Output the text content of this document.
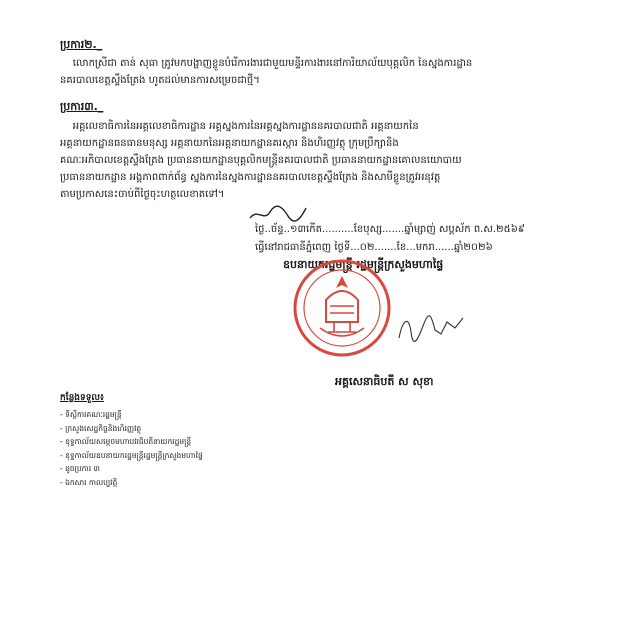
ប្រការ២._
លោកស្រីជា តាន់ សុធា ត្រូវមកបង្ហាញខ្លួនបំរើការងារជាមួយមន្ទីរការងារនៅការិយាល័យបុគ្គលិក នៃស្នងការដ្ឋាន
នគរបាលខេត្តស្ទឹងត្រែង ហូតដល់មានការសម្រេចជាថ្មី។
ប្រការ៣._
អគ្គលេខាធិការនៃអគ្គលេខាធិការដ្ឋាន អគ្គស្នងការនៃអគ្គស្នងការដ្ឋាននគរបាលជាតិ អគ្គនាយកនៃ
អគ្គនាយកដ្ឋានធនធានមនុស្ស អគ្គនាយកនៃអគ្គនាយកដ្ឋានគរស្ការ និងហិរញ្ញវត្ថុ ក្រុមប្រឹក្សានិង
គណៈអភិបាលខេត្តស្ទឹងត្រែង ប្រធាននាយកដ្ឋានបុគ្គលិកមន្ត្រីនគរបាលជាតិ ប្រធាននាយកដ្ឋានគោលនយោបាយ
ប្រធាននាយកដ្ឋាន អង្គភាពពាក់ព័ន្ធ ស្នងការនៃស្នងការដ្ឋាននគរបាលខេត្តស្ទឹងត្រែង និងសាមីខ្លួនត្រូវអនុវត្ត
តាមប្រកាសនេះចាប់ពីថ្ងៃចុះហត្ថលេខាតទៅ។
ថ្ងៃ..ច័ន្ទ..១៣កើត..........ខែបុស្ស.......ឆ្នាំម្សាញ់ សប្តស័ក ព.ស.២៥៦៩
ធ្វើនៅរាជធានីភ្នំពេញ ថ្ងៃទី...០២.......ខែ...មករា......ឆ្នាំ២០២៦
ឧបនាយករដ្ឋមន្ត្រី រដ្ឋមន្ត្រីក្រសួងមហាផ្ទៃ
អគ្គសេនាធិបតី ស សុខា
កន្លែងទទួល៖
- ទីស្តីការគណៈរដ្ឋមន្ត្រី
- ក្រសួងសេដ្ឋកិច្ចនិងហិរញ្ញវត្ថុ
- ខុទ្ទកាល័យសម្តេចមហាបវរធិបតីនាយករដ្ឋមន្ត្រី
- ខុទ្ទកាល័យឧបនាយករដ្ឋមន្ត្រីរដ្ឋមន្ត្រីក្រសួងមហាផ្ទៃ
- ដូចប្រការ ៣
- ឯកសារ កាលប្បវត្តិ
